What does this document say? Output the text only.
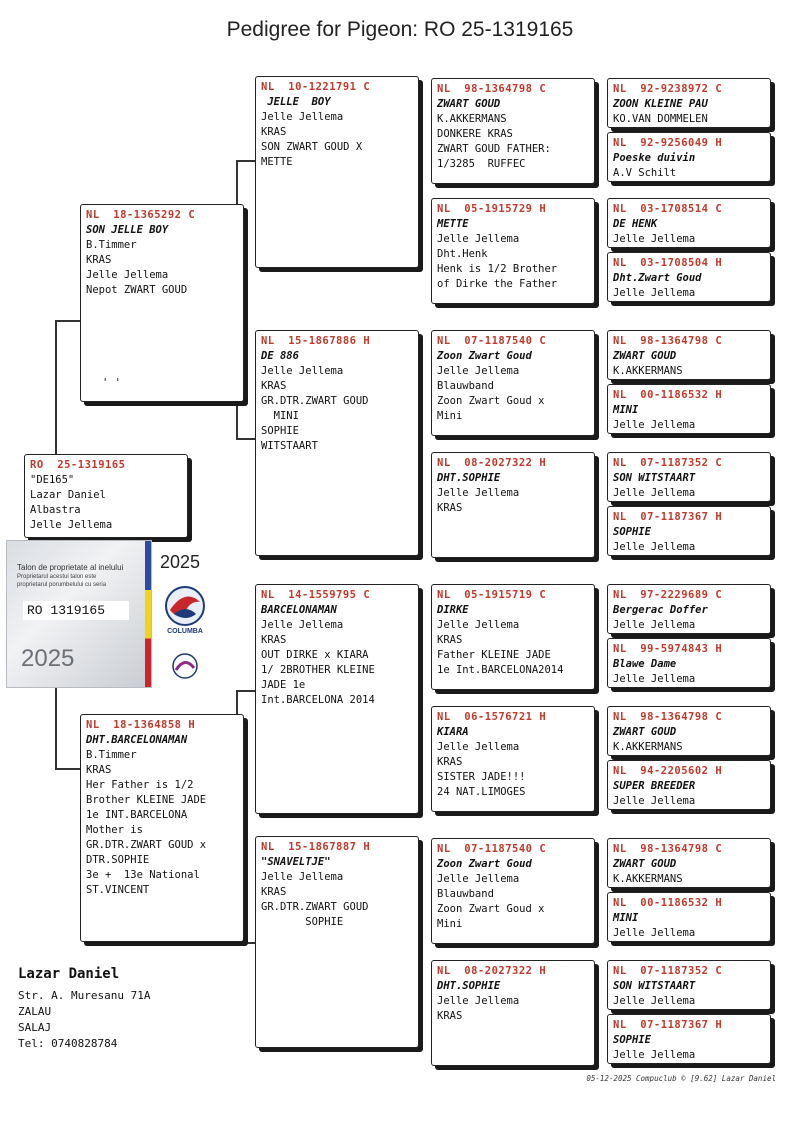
Pedigree for Pigeon: RO 25-1319165
RO  25-1319165
"DE165"
Lazar Daniel
Albastra
Jelle Jellema
NL  18-1365292 C
SON JELLE BOY
B.Timmer
KRAS
Jelle Jellema
Nepot ZWART GOUD
' '
NL  18-1364858 H
DHT.BARCELONAMAN
B.Timmer
KRAS
Her Father is 1/2
Brother KLEINE JADE
1e INT.BARCELONA
Mother is
GR.DTR.ZWART GOUD x
DTR.SOPHIE
3e +  13e National
ST.VINCENT
NL  10-1221791 C
JELLE  BOY
Jelle Jellema
KRAS
SON ZWART GOUD X
METTE
NL  15-1867886 H
DE 886
Jelle Jellema
KRAS
GR.DTR.ZWART GOUD
MINI
SOPHIE
WITSTAART
NL  14-1559795 C
BARCELONAMAN
Jelle Jellema
KRAS
OUT DIRKE x KIARA
1/ 2BROTHER KLEINE
JADE 1e
Int.BARCELONA 2014
NL  15-1867887 H
"SNAVELTJE"
Jelle Jellema
KRAS
GR.DTR.ZWART GOUD
SOPHIE
NL  98-1364798 C
ZWART GOUD
K.AKKERMANS
DONKERE KRAS
ZWART GOUD FATHER:
1/3285  RUFFEC
NL  05-1915729 H
METTE
Jelle Jellema
Dht.Henk
Henk is 1/2 Brother
of Dirke the Father
NL  07-1187540 C
Zoon Zwart Goud
Jelle Jellema
Blauwband
Zoon Zwart Goud x
Mini
NL  08-2027322 H
DHT.SOPHIE
Jelle Jellema
KRAS
NL  05-1915719 C
DIRKE
Jelle Jellema
KRAS
Father KLEINE JADE
1e Int.BARCELONA2014
NL  06-1576721 H
KIARA
Jelle Jellema
KRAS
SISTER JADE!!!
24 NAT.LIMOGES
NL  07-1187540 C
Zoon Zwart Goud
Jelle Jellema
Blauwband
Zoon Zwart Goud x
Mini
NL  08-2027322 H
DHT.SOPHIE
Jelle Jellema
KRAS
NL  92-9238972 C
ZOON KLEINE PAU
KO.VAN DOMMELEN
NL  92-9256049 H
Poeske duivin
A.V Schilt
NL  03-1708514 C
DE HENK
Jelle Jellema
NL  03-1708504 H
Dht.Zwart Goud
Jelle Jellema
NL  98-1364798 C
ZWART GOUD
K.AKKERMANS
NL  00-1186532 H
MINI
Jelle Jellema
NL  07-1187352 C
SON WITSTAART
Jelle Jellema
NL  07-1187367 H
SOPHIE
Jelle Jellema
NL  97-2229689 C
Bergerac Doffer
Jelle Jellema
NL  99-5974843 H
Blawe Dame
Jelle Jellema
NL  98-1364798 C
ZWART GOUD
K.AKKERMANS
NL  94-2205602 H
SUPER BREEDER
Jelle Jellema
NL  98-1364798 C
ZWART GOUD
K.AKKERMANS
NL  00-1186532 H
MINI
Jelle Jellema
NL  07-1187352 C
SON WITSTAART
Jelle Jellema
NL  07-1187367 H
SOPHIE
Jelle Jellema
Talon de proprietate al inelului
Proprietarul acestui talon este
proprietarul porumbelului cu seria
RO 1319165
2025
2025
COLUMBA
Lazar Daniel
Str. A. Muresanu 71A
ZALAU
SALAJ
Tel: 0740828784
05-12-2025 Compuclub © [9.62] Lazar Daniel
